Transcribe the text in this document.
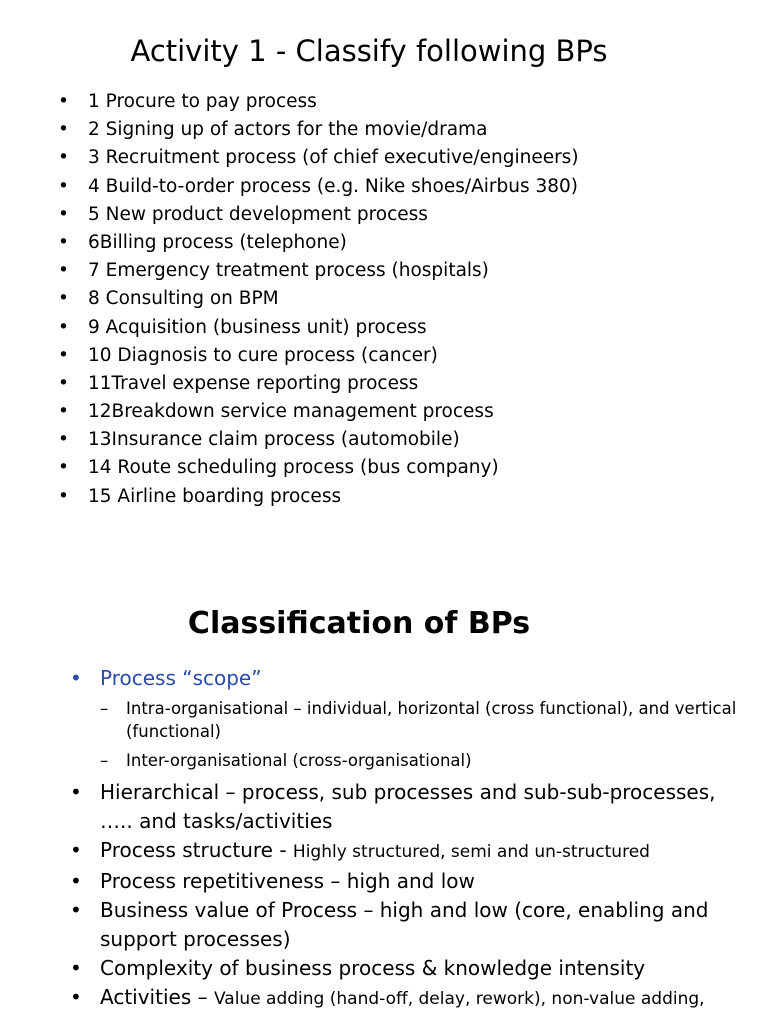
Activity 1 - Classify following BPs
• 1 Procure to pay process
• 2 Signing up of actors for the movie/drama
• 3 Recruitment process (of chief executive/engineers)
• 4 Build-to-order process (e.g. Nike shoes/Airbus 380)
• 5 New product development process
• 6Billing process (telephone)
• 7 Emergency treatment process (hospitals)
• 8 Consulting on BPM
• 9 Acquisition (business unit) process
• 10 Diagnosis to cure process (cancer)
• 11Travel expense reporting process
• 12Breakdown service management process
• 13Insurance claim process (automobile)
• 14 Route scheduling process (bus company)
• 15 Airline boarding process
Classification of BPs
• Process “scope”
– Intra-organisational – individual, horizontal (cross functional), and vertical (functional)
– Inter-organisational (cross-organisational)
• Hierarchical – process, sub processes and sub-sub-processes, ….. and tasks/activities
• Process structure - Highly structured, semi and un-structured
• Process repetitiveness – high and low
• Business value of Process – high and low (core, enabling and support processes)
• Complexity of business process & knowledge intensity
• Activities – Value adding (hand-off, delay, rework), non-value adding,
